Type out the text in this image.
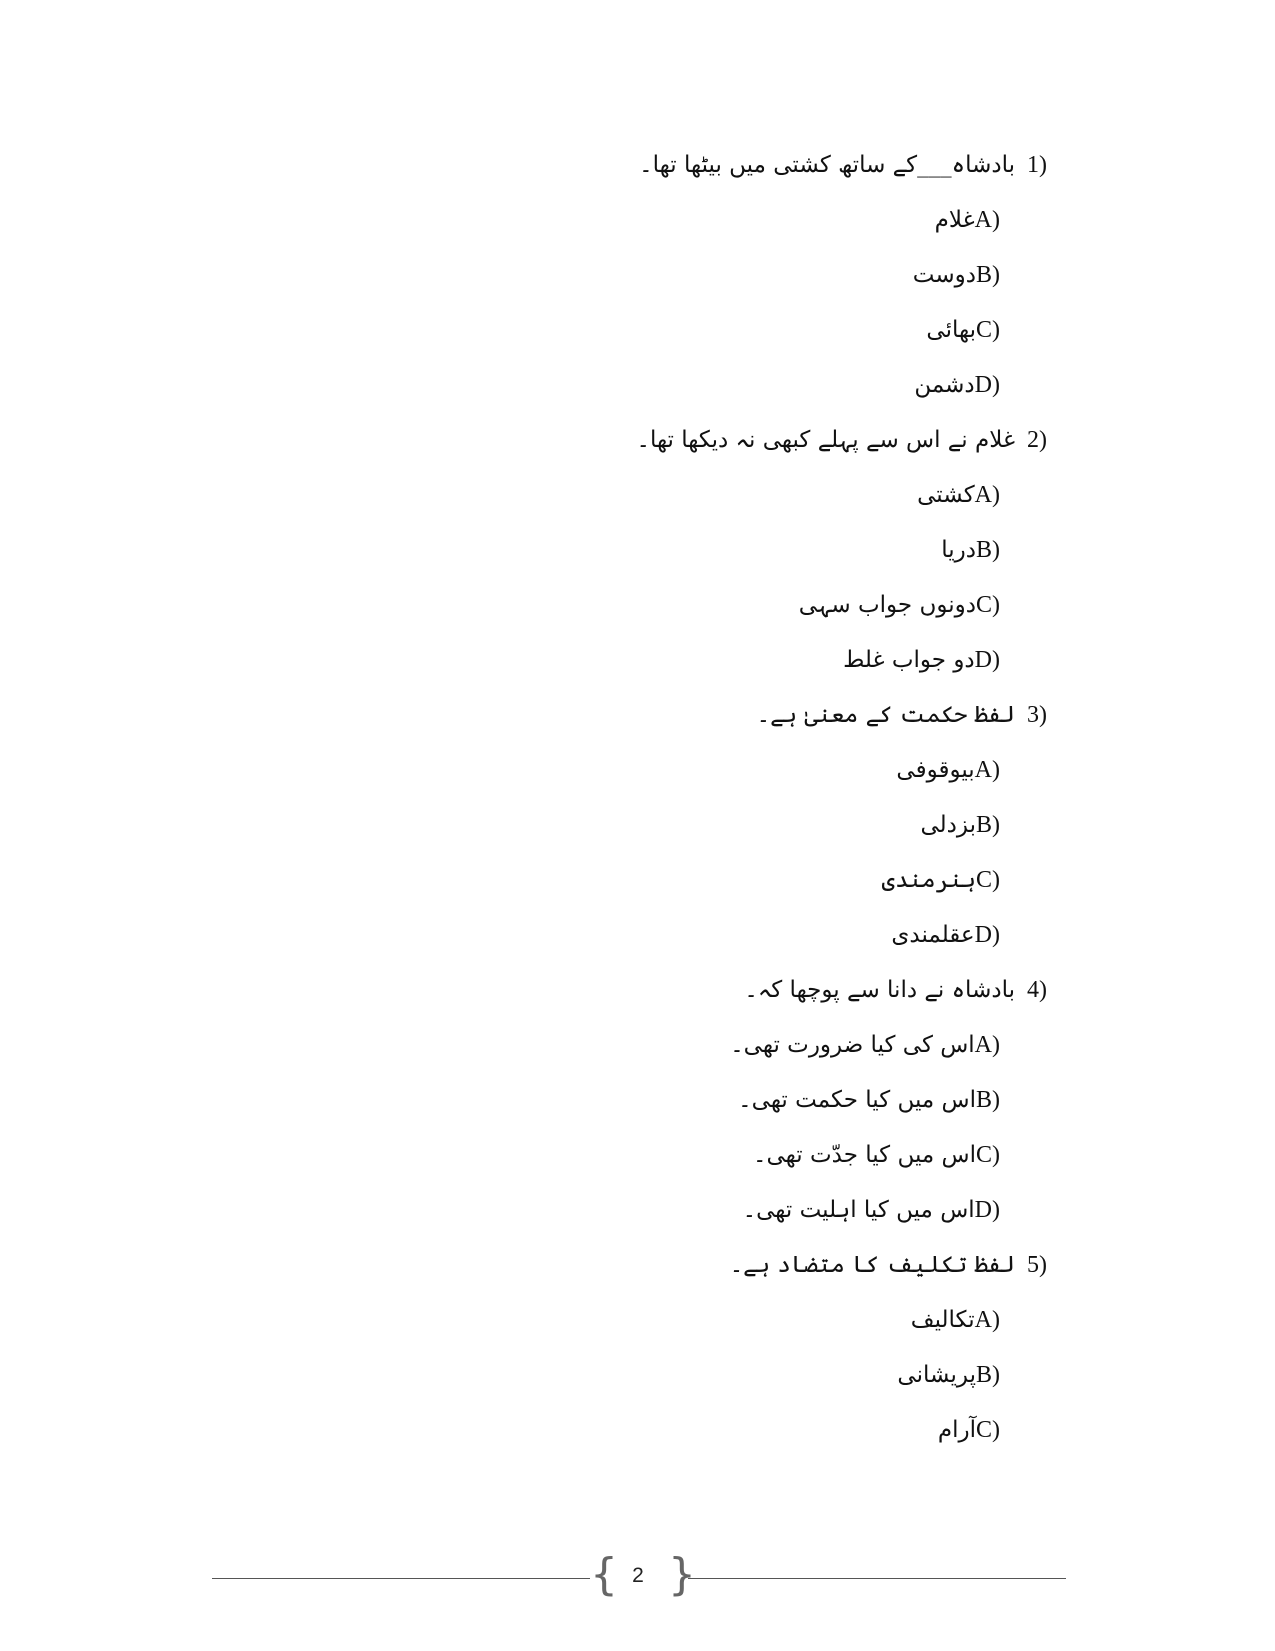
بادشاہ___کے ساتھ کشتی میں بیٹھا تھا۔ 1)
غلامA)
دوستB)
بھائیC)
دشمنD)
غلام نے اس سے پہلے کبھی نہ دیکھا تھا۔ 2)
کشتیA)
دریاB)
دونوں جواب سہیC)
دو جواب غلطD)
لفظ حکمت کے معنیٰ ہے۔ 3)
بیوقوفیA)
بزدلیB)
ہنرمندیC)
عقلمندیD)
بادشاہ نے دانا سے پوچھا کہ۔ 4)
اس کی کیا ضرورت تھی۔A)
اس میں کیا حکمت تھی۔B)
اس میں کیا جدّت تھی۔C)
اس میں کیا اہلیت تھی۔D)
لفظ تکلیف کا متضاد ہے۔ 5)
تکالیفA)
پریشانیB)
آرامC)
{ 2 }
